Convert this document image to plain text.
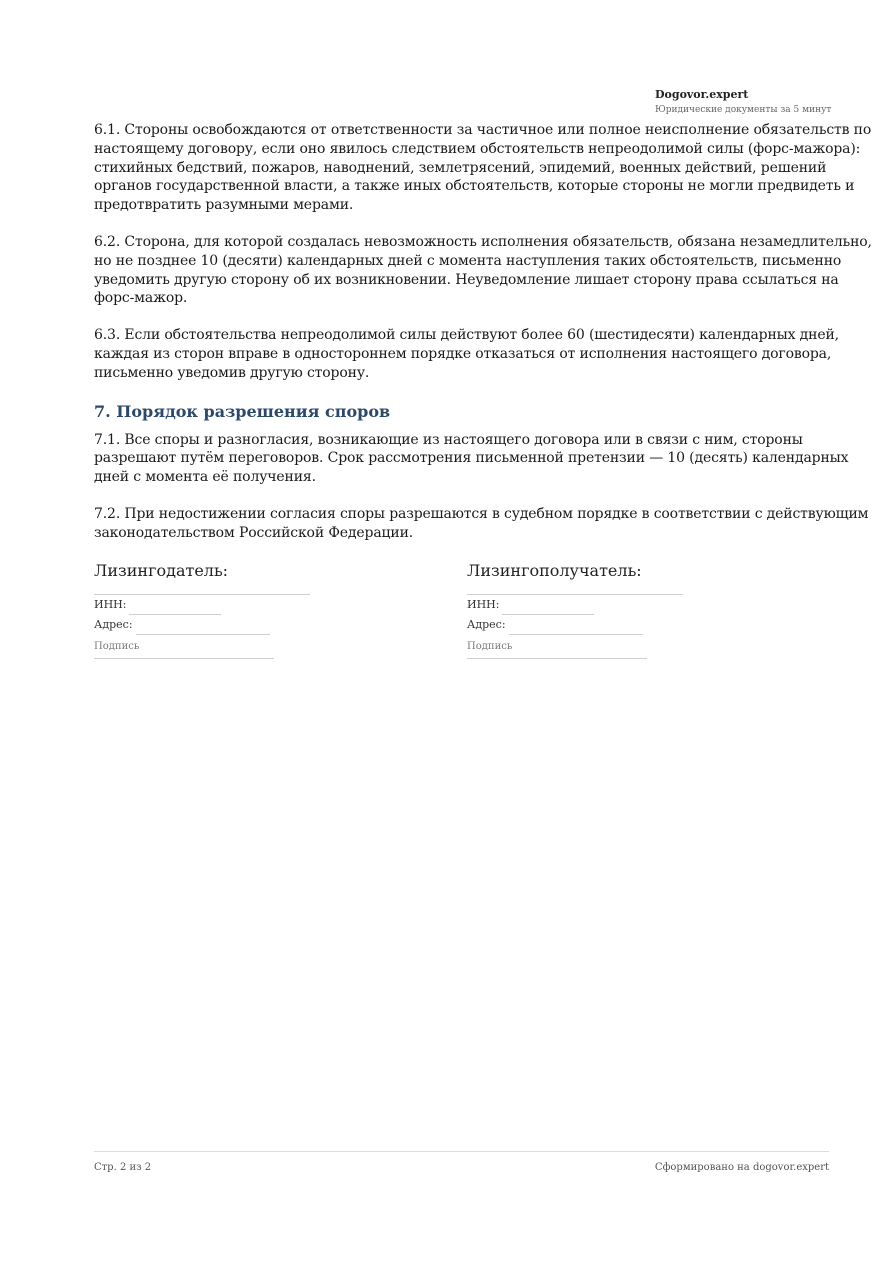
Dogovor.expert
Юридические документы за 5 минут

6.1. Стороны освобождаются от ответственности за частичное или полное неисполнение обязательств по настоящему договору, если оно явилось следствием обстоятельств непреодолимой силы (форс-мажора): стихийных бедствий, пожаров, наводнений, землетрясений, эпидемий, военных действий, решений органов государственной власти, а также иных обстоятельств, которые стороны не могли предвидеть и предотвратить разумными мерами.

6.2. Сторона, для которой создалась невозможность исполнения обязательств, обязана незамедлительно, но не позднее 10 (десяти) календарных дней с момента наступления таких обстоятельств, письменно уведомить другую сторону об их возникновении. Неуведомление лишает сторону права ссылаться на форс-мажор.

6.3. Если обстоятельства непреодолимой силы действуют более 60 (шестидесяти) календарных дней, каждая из сторон вправе в одностороннем порядке отказаться от исполнения настоящего договора, письменно уведомив другую сторону.

7. Порядок разрешения споров

7.1. Все споры и разногласия, возникающие из настоящего договора или в связи с ним, стороны разрешают путём переговоров. Срок рассмотрения письменной претензии — 10 (десять) календарных дней с момента её получения.

7.2. При недостижении согласия споры разрешаются в судебном порядке в соответствии с действующим законодательством Российской Федерации.

Лизингодатель:
ИНН:
Адрес:
Подпись
Лизингополучатель:
ИНН:
Адрес:
Подпись
Стр. 2 из 2	Сформировано на dogovor.expert
